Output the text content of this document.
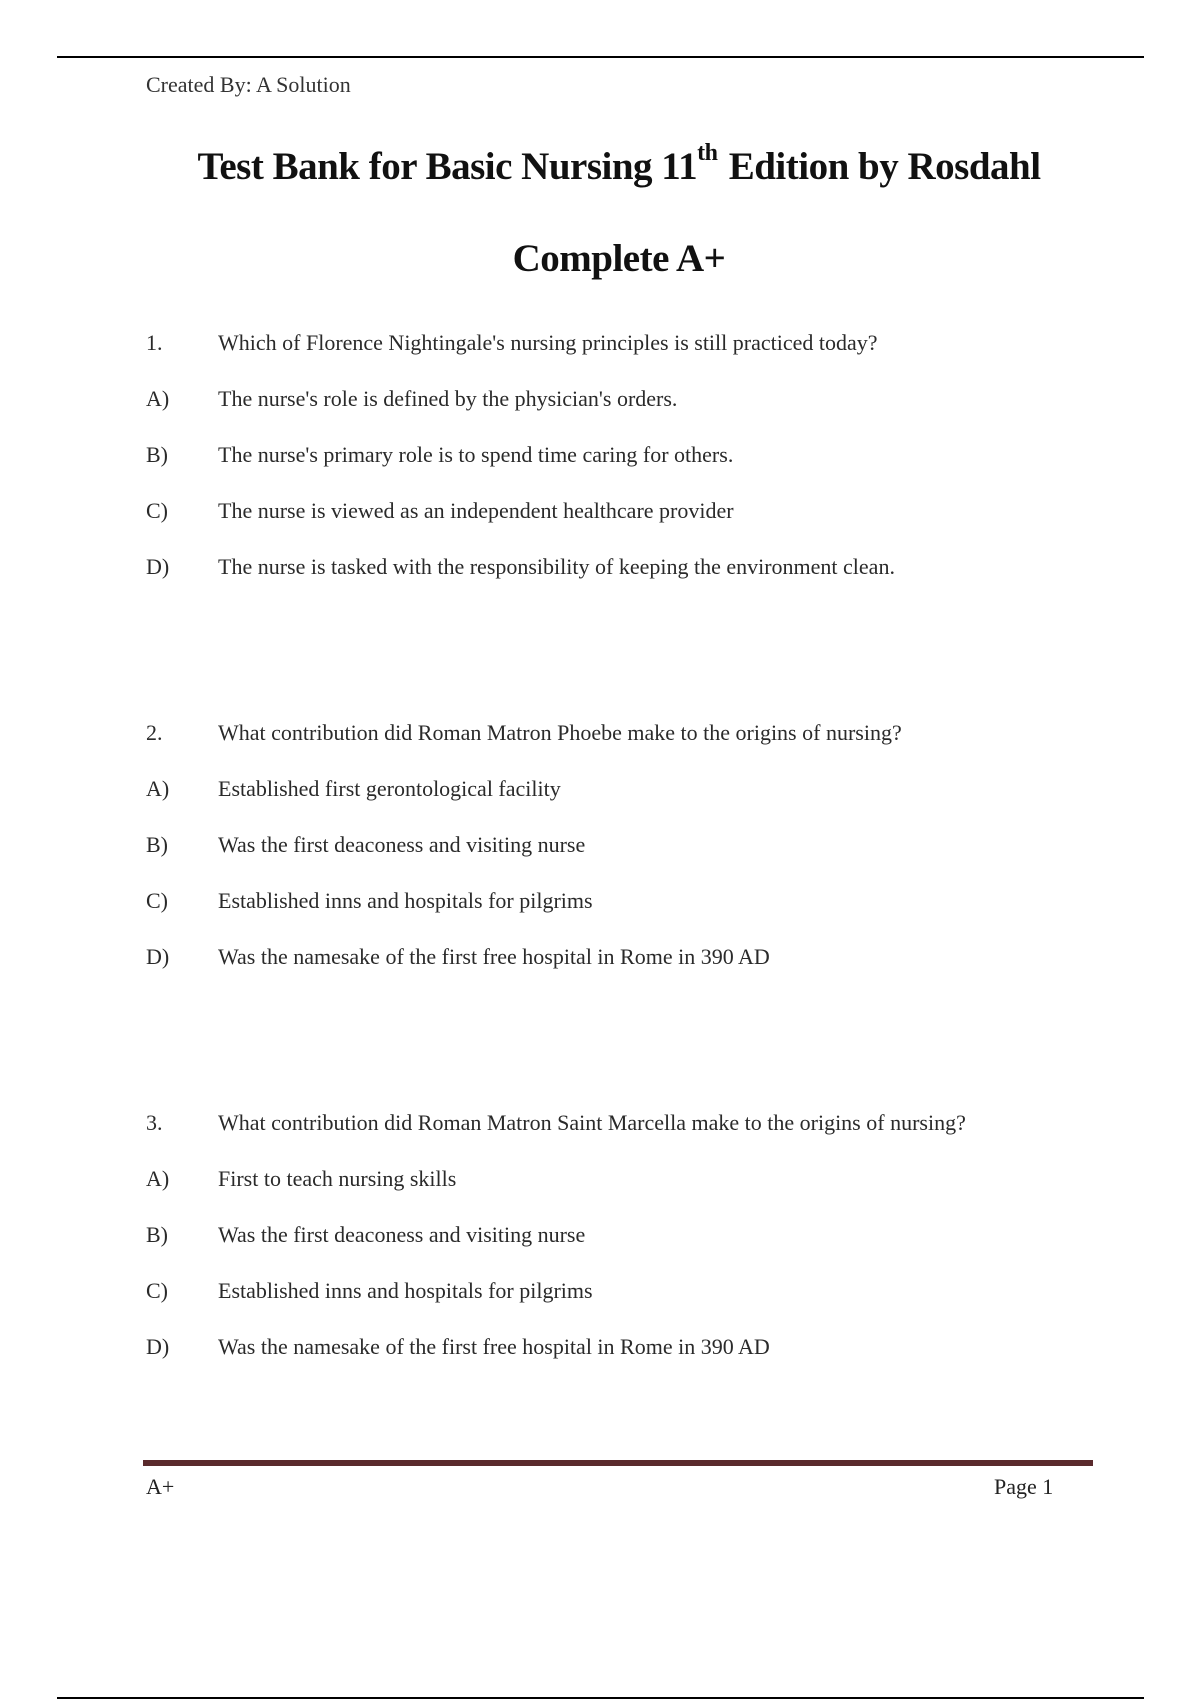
Created By: A Solution
Test Bank for Basic Nursing 11th Edition by Rosdahl
Complete A+
1.	Which of Florence Nightingale's nursing principles is still practiced today?
A) The nurse's role is defined by the physician's orders.
B) The nurse's primary role is to spend time caring for others.
C) The nurse is viewed as an independent healthcare provider
D) The nurse is tasked with the responsibility of keeping the environment clean.
2.	What contribution did Roman Matron Phoebe make to the origins of nursing?
A) Established first gerontological facility
B) Was the first deaconess and visiting nurse
C) Established inns and hospitals for pilgrims
D) Was the namesake of the first free hospital in Rome in 390 AD
3.	What contribution did Roman Matron Saint Marcella make to the origins of nursing?
A) First to teach nursing skills
B) Was the first deaconess and visiting nurse
C) Established inns and hospitals for pilgrims
D) Was the namesake of the first free hospital in Rome in 390 AD
A+	Page 1
